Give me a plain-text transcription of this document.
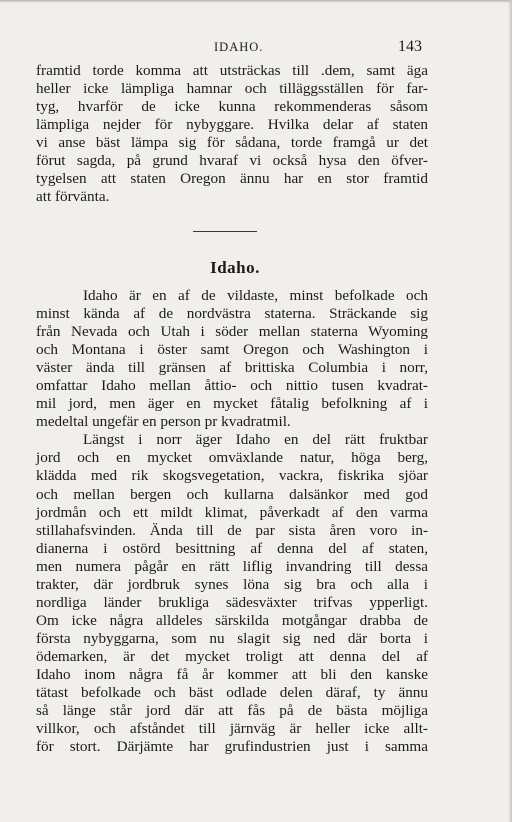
IDAHO.	143
framtid torde komma att utsträckas till .dem, samt äga
heller icke lämpliga hamnar och tilläggsställen för far-
tyg, hvarför de icke kunna rekommenderas såsom
lämpliga nejder för nybyggare. Hvilka delar af staten
vi anse bäst lämpa sig för sådana, torde framgå ur det
förut sagda, på grund hvaraf vi också hysa den öfver-
tygelsen att staten Oregon ännu har en stor framtid
att förvänta.
Idaho.
Idaho är en af de vildaste, minst befolkade och
minst kända af de nordvästra staterna. Sträckande sig
från Nevada och Utah i söder mellan staterna Wyoming
och Montana i öster samt Oregon och Washington i
väster ända till gränsen af brittiska Columbia i norr,
omfattar Idaho mellan åttio- och nittio tusen kvadrat-
mil jord, men äger en mycket fåtalig befolkning af i
medeltal ungefär en person pr kvadratmil.
Längst i norr äger Idaho en del rätt fruktbar
jord och en mycket omväxlande natur, höga berg,
klädda med rik skogsvegetation, vackra, fiskrika sjöar
och mellan bergen och kullarna dalsänkor med god
jordmån och ett mildt klimat, påverkadt af den varma
stillahafsvinden. Ända till de par sista åren voro in-
dianerna i ostörd besittning af denna del af staten,
men numera pågår en rätt liflig invandring till dessa
trakter, där jordbruk synes löna sig bra och alla i
nordliga länder brukliga sädesväxter trifvas ypperligt.
Om icke några alldeles särskilda motgångar drabba de
första nybyggarna, som nu slagit sig ned där borta i
ödemarken, är det mycket troligt att denna del af
Idaho inom några få år kommer att bli den kanske
tätast befolkade och bäst odlade delen däraf, ty ännu
så länge står jord där att fås på de bästa möjliga
villkor, och afståndet till järnväg är heller icke allt-
för stort. Därjämte har grufindustrien just i samma
